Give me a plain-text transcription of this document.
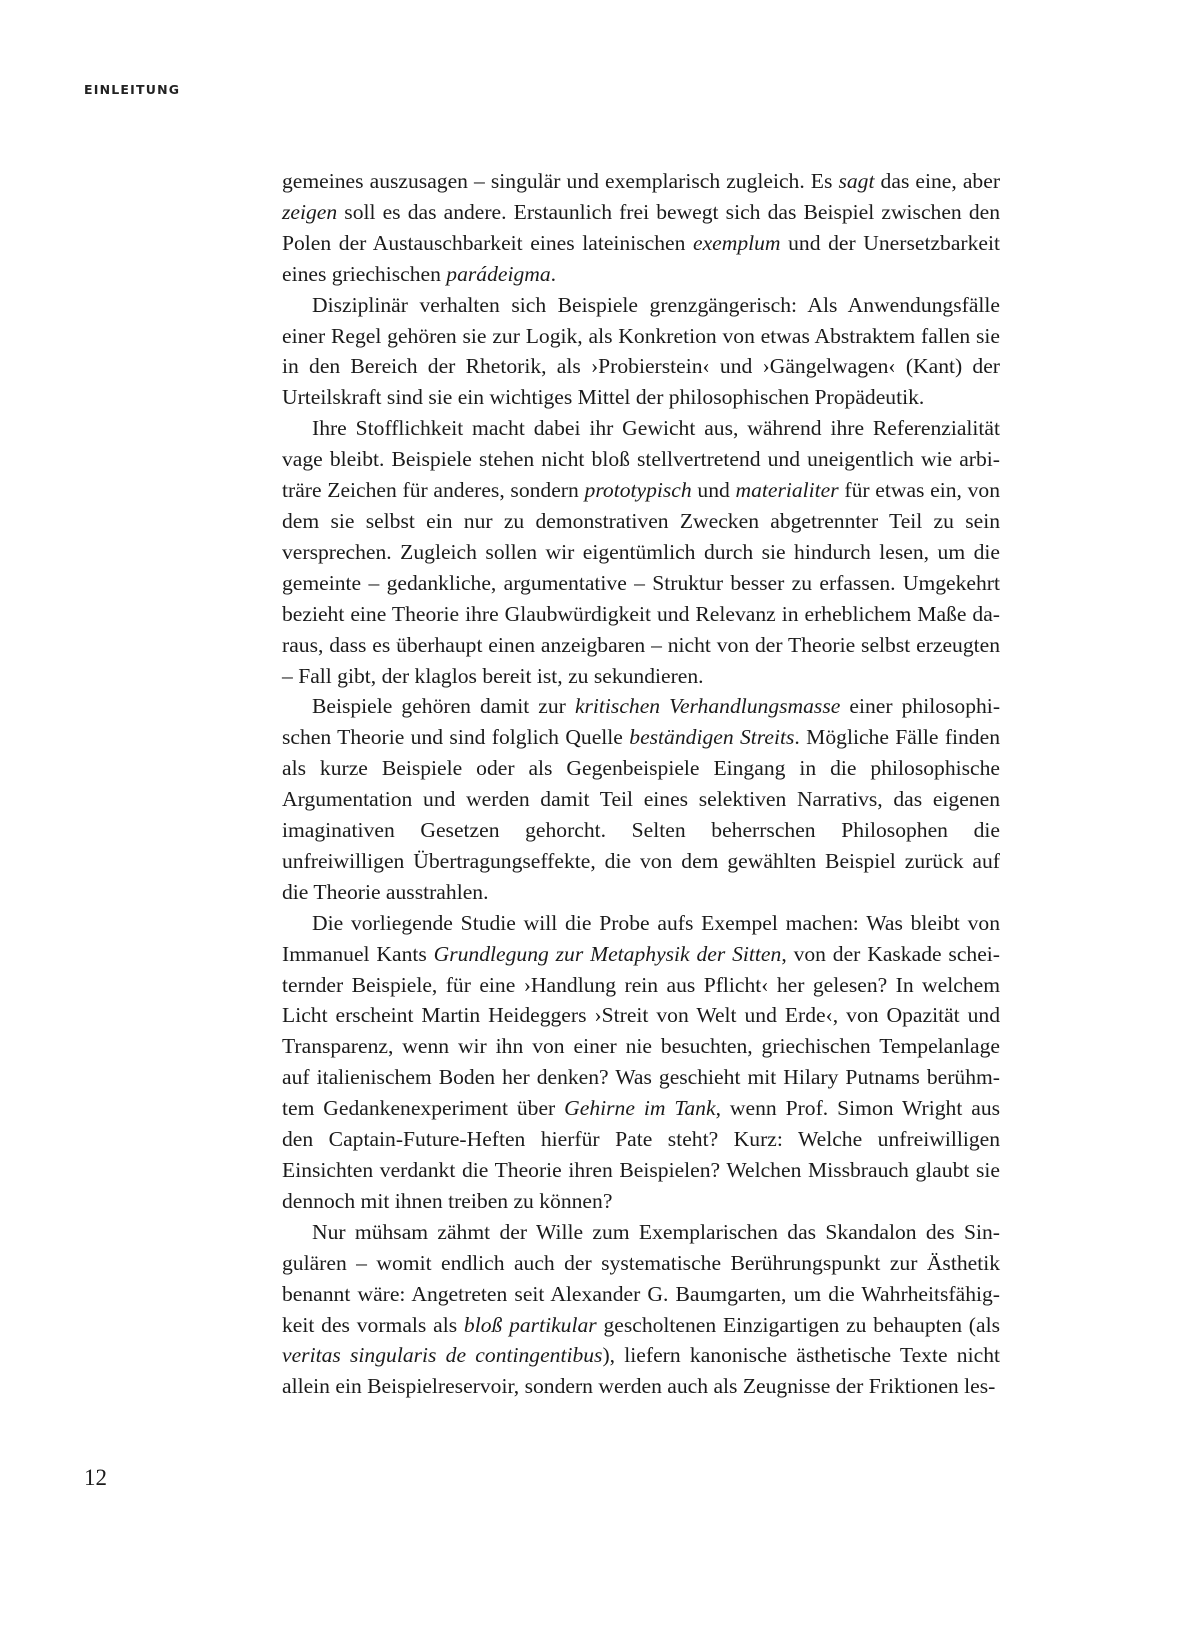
EINLEITUNG

gemeines auszusagen – singulär und exemplarisch zugleich. Es sagt das eine, aber zeigen soll es das andere. Erstaunlich frei bewegt sich das Beispiel zwischen den Polen der Austauschbarkeit eines lateinischen exemplum und der Unersetzbarkeit eines griechischen parádeigma.

Disziplinär verhalten sich Beispiele grenzgängerisch: Als Anwendungsfälle einer Regel gehören sie zur Logik, als Konkretion von etwas Abstraktem fallen sie in den Bereich der Rhetorik, als ›Probierstein‹ und ›Gängelwagen‹ (Kant) der Urteilskraft sind sie ein wichtiges Mittel der philosophischen Propädeutik.

Ihre Stofflichkeit macht dabei ihr Gewicht aus, während ihre Referenzialität vage bleibt. Beispiele stehen nicht bloß stellvertretend und uneigentlich wie arbiträre Zeichen für anderes, sondern prototypisch und materialiter für etwas ein, von dem sie selbst ein nur zu demonstrativen Zwecken abgetrennter Teil zu sein versprechen. Zugleich sollen wir eigentümlich durch sie hindurch lesen, um die gemeinte – gedankliche, argumentative – Struktur besser zu erfassen. Umgekehrt bezieht eine Theorie ihre Glaubwürdigkeit und Relevanz in erheblichem Maße daraus, dass es überhaupt einen anzeigbaren – nicht von der Theorie selbst erzeugten – Fall gibt, der klaglos bereit ist, zu sekundieren.

Beispiele gehören damit zur kritischen Verhandlungsmasse einer philosophischen Theorie und sind folglich Quelle beständigen Streits. Mögliche Fälle finden als kurze Beispiele oder als Gegenbeispiele Eingang in die philosophische Argumentation und werden damit Teil eines selektiven Narrativs, das eigenen imaginativen Gesetzen gehorcht. Selten beherrschen Philosophen die unfreiwilligen Übertragungseffekte, die von dem gewählten Beispiel zurück auf die Theorie ausstrahlen.

Die vorliegende Studie will die Probe aufs Exempel machen: Was bleibt von Immanuel Kants Grundlegung zur Metaphysik der Sitten, von der Kaskade scheiternder Beispiele, für eine ›Handlung rein aus Pflicht‹ her gelesen? In welchem Licht erscheint Martin Heideggers ›Streit von Welt und Erde‹, von Opazität und Transparenz, wenn wir ihn von einer nie besuchten, griechischen Tempelanlage auf italienischem Boden her denken? Was geschieht mit Hilary Putnams berühmtem Gedankenexperiment über Gehirne im Tank, wenn Prof. Simon Wright aus den Captain-Future-Heften hierfür Pate steht? Kurz: Welche unfreiwilligen Einsichten verdankt die Theorie ihren Beispielen? Welchen Missbrauch glaubt sie dennoch mit ihnen treiben zu können?

Nur mühsam zähmt der Wille zum Exemplarischen das Skandalon des Singulären – womit endlich auch der systematische Berührungspunkt zur Ästhetik benannt wäre: Angetreten seit Alexander G. Baumgarten, um die Wahrheitsfähigkeit des vormals als bloß partikular gescholtenen Einzigartigen zu behaupten (als veritas singularis de contingentibus), liefern kanonische ästhetische Texte nicht allein ein Beispielreservoir, sondern werden auch als Zeugnisse der Friktionen les-

12
